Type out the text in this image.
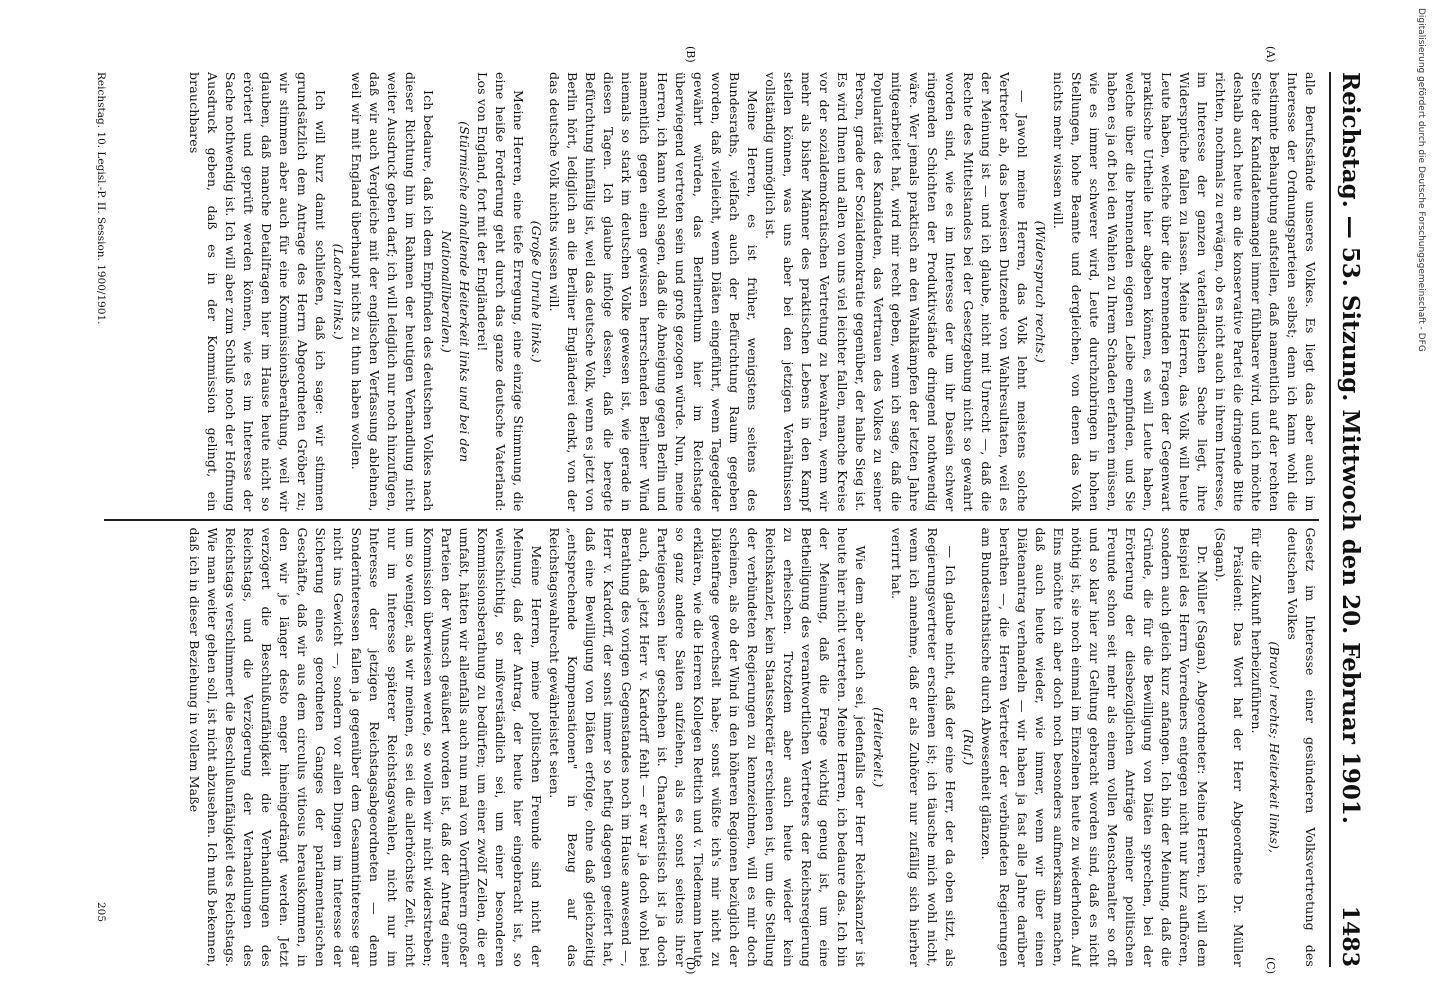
Reichstag. — 53. Sitzung. Mittwoch den 20. Februar 1901.
1483

alle Berufsstände unseres Volkes. Es liegt das aber auch im Interesse der Ordnungsparteien selbst; denn ich kann wohl die bestimmte Behauptung aufstellen, daß namentlich auf der rechten Seite der Kandidatenmangel immer fühlbarer wird, und ich möchte deshalb auch heute an die konservative Partei die dringende Bitte richten, nochmals zu erwägen, ob es nicht auch in ihrem Interesse, im Interesse der ganzen vaterländischen Sache liegt, ihre Widersprüche fallen zu lassen. Meine Herren, das Volk will heute Leute haben, welche über die brennenden Fragen der Gegenwart praktische Urtheile hier abgeben können, es will Leute haben, welche über die brennenden eigenen Leibe empfinden, und Sie haben es ja oft bei den Wahlen zu Ihrem Schaden erfahren müssen, wie es immer schwerer wird, Leute durchzubringen in hohen Stellungen, hohe Beamte und dergleichen, von denen das Volk nichts mehr wissen will.

(Widerspruch rechts.)

— Jawohl meine Herren, das Volk lehnt meistens solche Vertreter ab, das beweisen Dutzende von Wahlresultaten, weil es der Meinung ist — und ich glaube, nicht mit Unrecht —, daß die Rechte des Mittelstandes bei der Gesetzgebung nicht so gewahrt worden sind, wie es im Interesse der um ihr Dasein schwer ringenden Schichten der Produktivstände dringend nothwendig wäre. Wer jemals praktisch an den Wahlkämpfen der letzten Jahre mitgearbeitet hat, wird mir recht geben, wenn ich sage, daß die Popularität des Kandidaten, das Vertrauen des Volkes zu seiner Person, grade der Sozialdemokratie gegenüber, der halbe Sieg ist. Es wird Ihnen und allen von uns viel leichter fallen, manche Kreise vor der sozialdemokratischen Vertretung zu bewahren, wenn wir mehr als bisher Männer des praktischen Lebens in den Kampf stellen können, was uns aber bei den jetzigen Verhältnissen vollständig unmöglich ist.

Meine Herren, es ist früher, wenigstens seitens des Bundesraths, vielfach auch der Befürchtung Raum gegeben worden, daß vielleicht, wenn Diäten eingeführt, wenn Tagegelder gewährt würden, das Berlinerthum hier im Reichstage überwiegend vertreten sein und groß gezogen würde. Nun, meine Herren, ich kann wohl sagen, daß die Abneigung gegen Berlin und namentlich gegen einen gewissen herrschenden Berliner Wind niemals so stark im deutschen Volke gewesen ist, wie gerade in diesen Tagen. Ich glaube infolge dessen, daß die beregte Befürchtung hinfällig ist, weil das deutsche Volk, wenn es jetzt von Berlin hört, lediglich an die Berliner Engländerei denkt, von der das deutsche Volk nichts wissen will.

(Große Unruhe links.)

Meine Herren, eine tiefe Erregung, eine einzige Stimmung, die eine heiße Forderung geht durch das ganze deutsche Vaterland: Los von England, fort mit der Engländerei!

(Stürmische anhaltende Heiterkeit links und bei den Nationalliberalen.)

Ich bedaure, daß ich dem Empfinden des deutschen Volkes nach dieser Richtung hin im Rahmen der heutigen Verhandlung nicht weiter Ausdruck geben darf; ich will lediglich nur noch hinzufügen, daß wir auch Vergleiche mit der englischen Verfassung ablehnen, weil wir mit England überhaupt nichts zu thun haben wollen.

(Lachen links.)

Ich will kurz damit schließen, daß ich sage: wir stimmen grundsätzlich dem Antrage des Herrn Abgeordneten Gröber zu; wir stimmen aber auch für eine Kommissionsberathung, weil wir glauben, daß manche Detailfragen hier im Hause heute nicht so erörtert und geprüft werden können, wie es im Interesse der Sache nothwendig ist. Ich will aber zum Schluß noch der Hoffnung Ausdruck geben, daß es in der Kommission gelingt, ein brauchbares

Gesetz im Interesse einer gesünderen Volksvertretung des deutschen Volkes

(Bravo! rechts; Heiterkeit links),

für die Zukunft herbeizuführen.

Präsident: Das Wort hat der Herr Abgeordnete Dr. Müller (Sagan).

Dr. Müller (Sagan), Abgeordneter: Meine Herren, ich will dem Beispiel des Herrn Vorredners entgegen nicht nur kurz aufhören, sondern auch gleich kurz anfangen. Ich bin der Meinung, daß die Gründe, die für die Bewilligung von Diäten sprechen, bei der Erörterung der diesbezüglichen Anträge meiner politischen Freunde schon seit mehr als einem vollen Menschenalter so oft und so klar hier zur Geltung gebracht worden sind, daß es nicht nöthig ist, sie noch einmal im Einzelnen heute zu wiederholen. Auf Eins möchte ich aber doch noch besonders aufmerksam machen, daß auch heute wieder, wie immer, wenn wir über einen Diätenantrag verhandeln — wir haben ja fast alle Jahre darüber berathen —, die Herren Vertreter der verbündeten Regierungen am Bundesrathstische durch Abwesenheit glänzen.

(Ruf.)

— Ich glaube nicht, daß der eine Herr, der da oben sitzt, als Regierungsvertreter erschienen ist; ich täusche mich wohl nicht, wenn ich annehme, daß er als Zuhörer nur zufällig sich hierher verirrt hat.

(Heiterkeit.)

Wie dem aber auch sei, jedenfalls der Herr Reichskanzler ist heute hier nicht vertreten. Meine Herren, ich bedaure das. Ich bin der Meinung, daß die Frage wichtig genug ist, um eine Betheiligung des verantwortlichen Vertreters der Reichsregierung zu erheischen. Trotzdem aber auch heute wieder kein Reichskanzler, kein Staatssekretär erschienen ist, um die Stellung der verbündeten Regierungen zu kennzeichnen, will es mir doch scheinen, als ob der Wind in den höheren Regionen bezüglich der Diätenfrage gewechselt habe; sonst wüßte ich's mir nicht zu erklären, wie die Herren Kollegen Rettich und v. Tiedemann heute so ganz andere Saiten aufziehen, als es sonst seitens ihrer Parteigenossen hier geschehen ist. Charakteristisch ist ja doch auch, daß jetzt Herr v. Kardorff fehlt — er war ja doch wohl bei Berathung des vorigen Gegenstandes noch im Hause anwesend —, Herr v. Kardorff, der sonst immer so heftig dagegen geeifert hat, daß eine Bewilligung von Diäten erfolge, ohne daß gleichzeitig „entsprechende Kompensationen" in Bezug auf das Reichstagswahlrecht gewährleistet seien.

Meine Herren, meine politischen Freunde sind nicht der Meinung, daß der Antrag, der heute hier eingebracht ist, so weitschichtig, so mißverständlich sei, um einer besonderen Kommissionsberathung zu bedürfen; um einer zwölf Zeilen, die er umfaßt, hätten wir allenfalls auch nun mal von Vorrführern großer Parteien der Wunsch geäußert worden ist, daß der Antrag einer Kommission überwiesen werde, so wollen wir nicht widerstreben; um so weniger, als wir meinen, es sei die allerhöchste Zeit, nicht nur im Interesse späterer Reichstagswahlen, nicht nur im Interesse der jetzigen Reichstagsabgeordneten — denn Sonderinteressen fallen ja gegenüber dem Gesammtinteresse gar nicht ins Gewicht —, sondern vor allen Dingen im Interesse der Sicherung eines geordneten Ganges der parlamentarischen Geschäfte, daß wir aus dem circulus vitiosus herauskommen, in den wir je länger desto enger hineingedrängt werden. Jetzt verzögert die Beschlußunfähigkeit die Verhandlungen des Reichstags, und die Verzögerung der Verhandlungen des Reichstags verschlimmert die Beschlußunfähigkeit des Reichstags. Wie man weiter gehen soll, ist nicht abzusehen. Ich muß bekennen, daß ich in dieser Beziehung in vollem Maße

(A)
(B)
(C)
(D)
Reichstag. 10. Legisl.-P. II. Session. 1900/1901.
205
Digitalisierung gefördert durch die Deutsche Forschungsgemeinschaft - DFG
